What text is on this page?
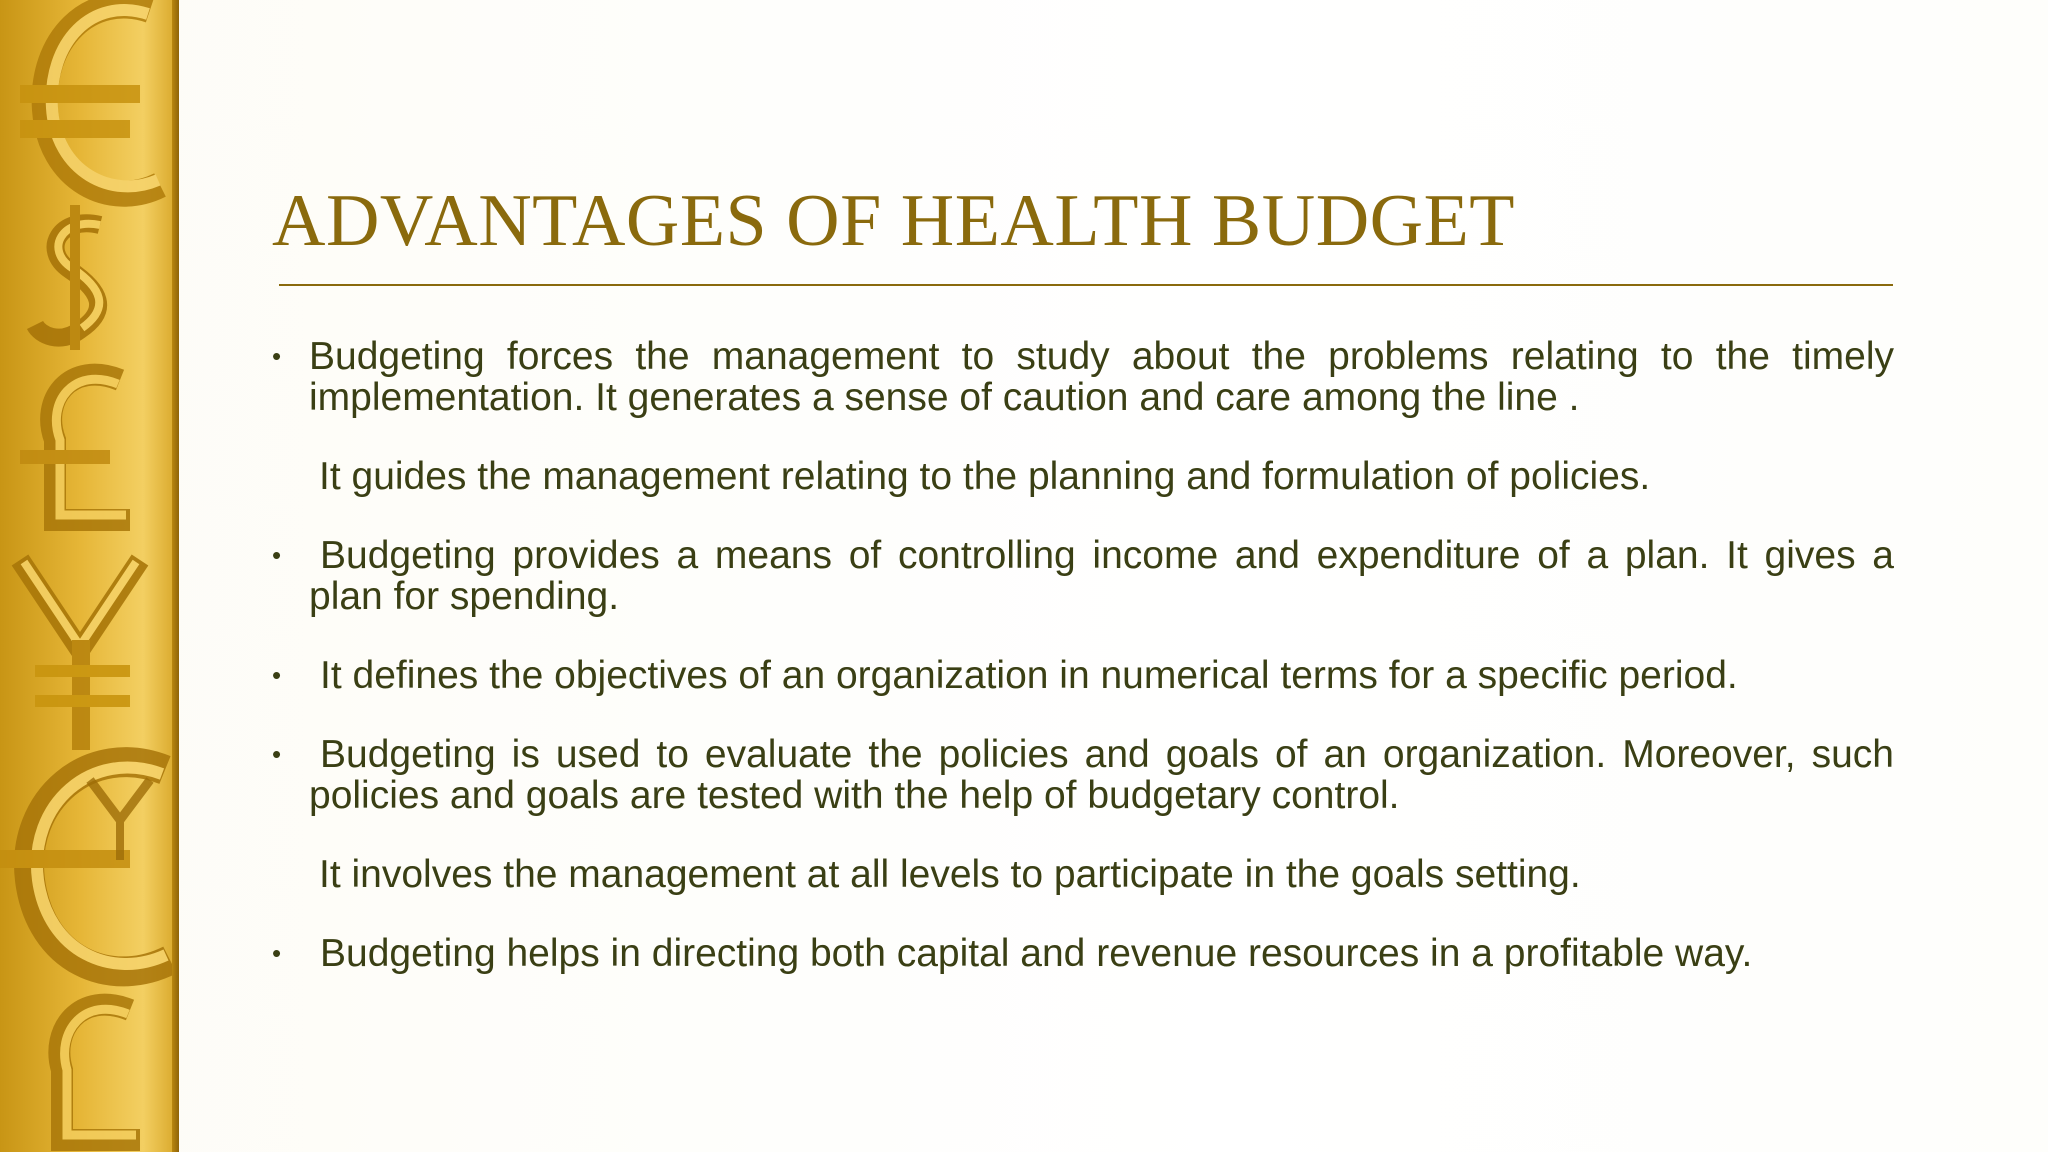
ADVANTAGES OF HEALTH BUDGET
• Budgeting forces the management to study about the problems relating to the timely implementation. It generates a sense of caution and care among the line .
It guides the management relating to the planning and formulation of policies.
• Budgeting provides a means of controlling income and expenditure of a plan. It gives a plan for spending.
• It defines the objectives of an organization in numerical terms for a specific period.
• Budgeting is used to evaluate the policies and goals of an organization. Moreover, such policies and goals are tested with the help of budgetary control.
It involves the management at all levels to participate in the goals setting.
• Budgeting helps in directing both capital and revenue resources in a profitable way.
